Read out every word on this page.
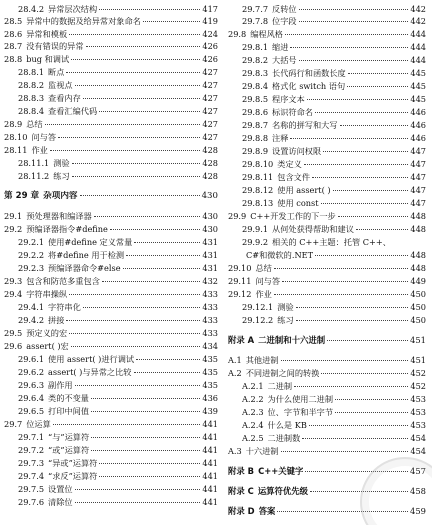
28.4.2 异常层次结构	417
28.5 异常中的数据及给异常对象命名	419
28.6 异常和模板	424
28.7 没有错误的异常	426
28.8 bug 和调试	426
28.8.1 断点	427
28.8.2 监视点	427
28.8.3 查看内存	427
28.8.4 查看汇编代码	427
28.9 总结	427
28.10 问与答	427
28.11 作业	428
28.11.1 测验	428
28.11.2 练习	428
第 29 章 杂项内容	430
29.1 预处理器和编译器	430
29.2 预编译器指令#define	430
29.2.1 使用#define 定义常量	431
29.2.2 将#define 用于检测	431
29.2.3 预编译器命令#else	431
29.3 包含和防范多重包含	432
29.4 字符串操纵	433
29.4.1 字符串化	433
29.4.2 拼接	433
29.5 预定义的宏	433
29.6 assert( )宏	434
29.6.1 使用 assert( )进行调试	435
29.6.2 assert( )与异常之比较	435
29.6.3 副作用	435
29.6.4 类的不变量	436
29.6.5 打印中间值	439
29.7 位运算	441
29.7.1 “与”运算符	441
29.7.2 “或”运算符	441
29.7.3 “异或”运算符	441
29.7.4 “求反”运算符	441
29.7.5 设置位	441
29.7.6 清除位	441
29.7.7 反转位	442
29.7.8 位字段	442
29.8 编程风格	444
29.8.1 缩进	444
29.8.2 大括号	444
29.8.3 长代码行和函数长度	445
29.8.4 格式化 switch 语句	445
29.8.5 程序文本	445
29.8.6 标识符命名	446
29.8.7 名称的拼写和大写	446
29.8.8 注释	446
29.8.9 设置访问权限	447
29.8.10 类定义	447
29.8.11 包含文件	447
29.8.12 使用 assert( )	447
29.8.13 使用 const	447
29.9 C++开发工作的下一步	448
29.9.1 从何处获得帮助和建议	448
29.9.2 相关的 C++主题：托管 C++、
C#和微软的.NET	448
29.10 总结	448
29.11 问与答	449
29.12 作业	450
29.12.1 测验	450
29.12.2 练习	450
附录 A 二进制和十六进制	451
A.1 其他进制	451
A.2 不同进制之间的转换	452
A.2.1 二进制	452
A.2.2 为什么使用二进制	453
A.2.3 位、字节和半字节	453
A.2.4 什么是 KB	453
A.2.5 二进制数	454
A.3 十六进制	454
附录 B C++关键字	457
附录 C 运算符优先级	458
附录 D 答案	459
